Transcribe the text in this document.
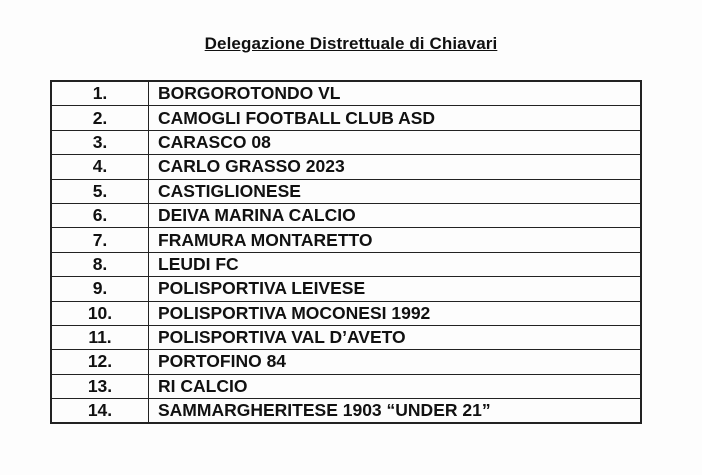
Delegazione Distrettuale di Chiavari
1.	BORGOROTONDO VL
2.	CAMOGLI FOOTBALL CLUB ASD
3.	CARASCO 08
4.	CARLO GRASSO 2023
5.	CASTIGLIONESE
6.	DEIVA MARINA CALCIO
7.	FRAMURA MONTARETTO
8.	LEUDI FC
9.	POLISPORTIVA LEIVESE
10.	POLISPORTIVA MOCONESI 1992
11.	POLISPORTIVA VAL D’AVETO
12.	PORTOFINO 84
13.	RI CALCIO
14.	SAMMARGHERITESE 1903 “UNDER 21”
